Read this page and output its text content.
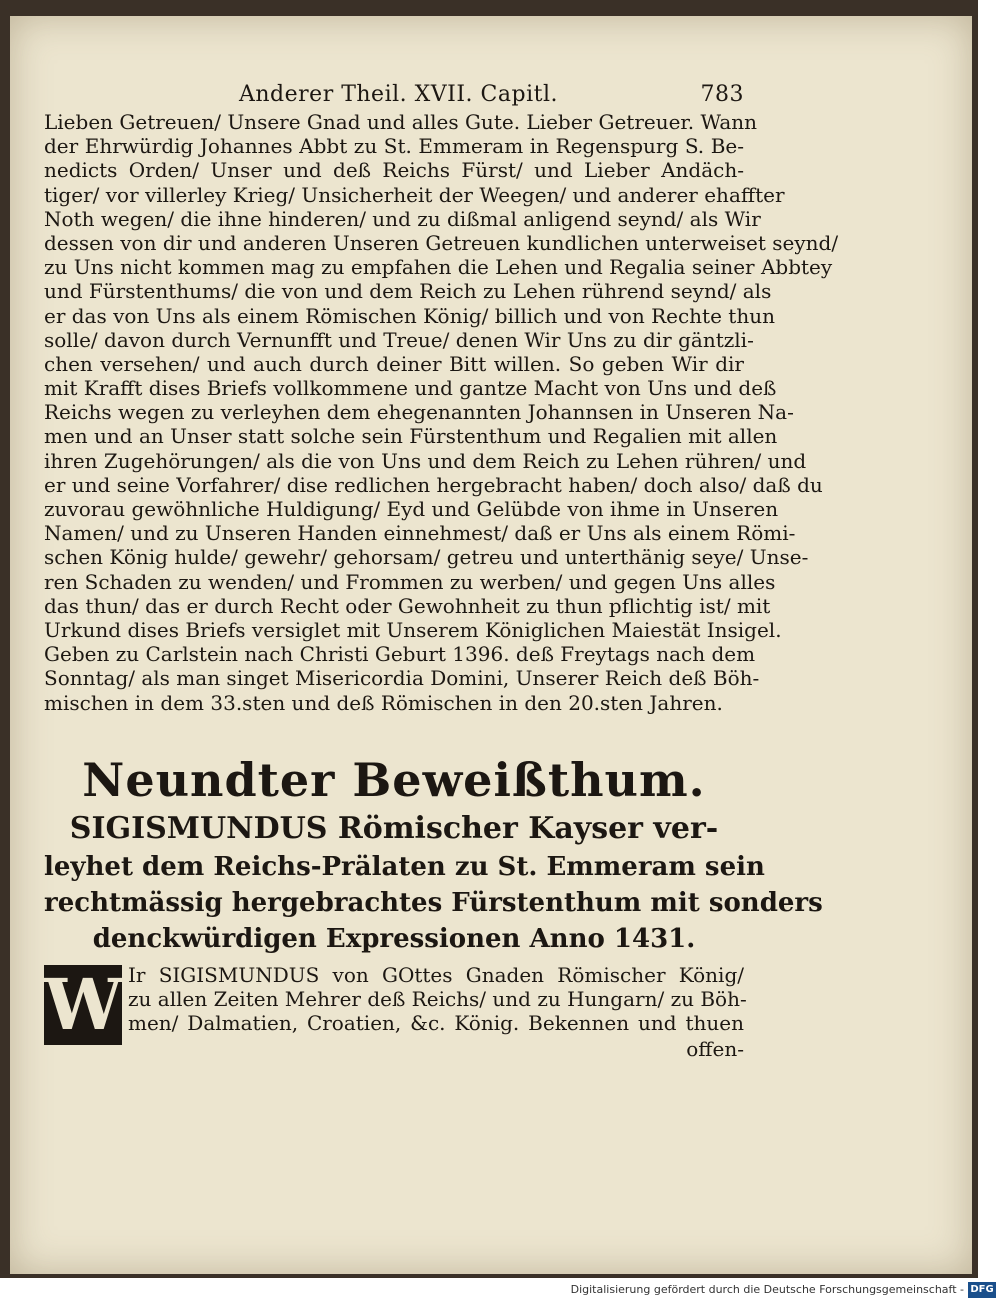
Anderer Theil. XVII. Capitl.	783
Lieben Getreuen/ Unsere Gnad und alles Gute. Lieber Getreuer. Wann
der Ehrwürdig Johannes Abbt zu St. Emmeram in Regenspurg S. Be-
nedicts Orden/ Unser und deß Reichs Fürst/ und Lieber Andäch-
tiger/ vor villerley Krieg/ Unsicherheit der Weegen/ und anderer ehaffter
Noth wegen/ die ihne hinderen/ und zu dißmal anligend seynd/ als Wir
dessen von dir und anderen Unseren Getreuen kundlichen unterweiset seynd/
zu Uns nicht kommen mag zu empfahen die Lehen und Regalia seiner Abbtey
und Fürstenthums/ die von und dem Reich zu Lehen rührend seynd/ als
er das von Uns als einem Römischen König/ billich und von Rechte thun
solle/ davon durch Vernunfft und Treue/ denen Wir Uns zu dir gäntzli-
chen versehen/ und auch durch deiner Bitt willen. So geben Wir dir
mit Krafft dises Briefs vollkommene und gantze Macht von Uns und deß
Reichs wegen zu verleyhen dem ehegenannten Johannsen in Unseren Na-
men und an Unser statt solche sein Fürstenthum und Regalien mit allen
ihren Zugehörungen/ als die von Uns und dem Reich zu Lehen rühren/ und
er und seine Vorfahrer/ dise redlichen hergebracht haben/ doch also/ daß du
zuvorau gewöhnliche Huldigung/ Eyd und Gelübde von ihme in Unseren
Namen/ und zu Unseren Handen einnehmest/ daß er Uns als einem Römi-
schen König hulde/ gewehr/ gehorsam/ getreu und unterthänig seye/ Unse-
ren Schaden zu wenden/ und Frommen zu werben/ und gegen Uns alles
das thun/ das er durch Recht oder Gewohnheit zu thun pflichtig ist/ mit
Urkund dises Briefs versiglet mit Unserem Königlichen Maiestät Insigel.
Geben zu Carlstein nach Christi Geburt 1396. deß Freytags nach dem
Sonntag/ als man singet Misericordia Domini, Unserer Reich deß Böh-
mischen in dem 33.sten und deß Römischen in den 20.sten Jahren.
Neundter Beweißthum.
SIGISMUNDUS Römischer Kayser ver-
leyhet dem Reichs-Prälaten zu St. Emmeram sein
rechtmässig hergebrachtes Fürstenthum mit sonders
denckwürdigen Expressionen Anno 1431.
W Ir SIGISMUNDUS von GOttes Gnaden Römischer König/
zu allen Zeiten Mehrer deß Reichs/ und zu Hungarn/ zu Böh-
men/ Dalmatien, Croatien, &c. König. Bekennen und thuen
offen-
Digitalisierung gefördert durch die Deutsche Forschungsgemeinschaft - DFG
